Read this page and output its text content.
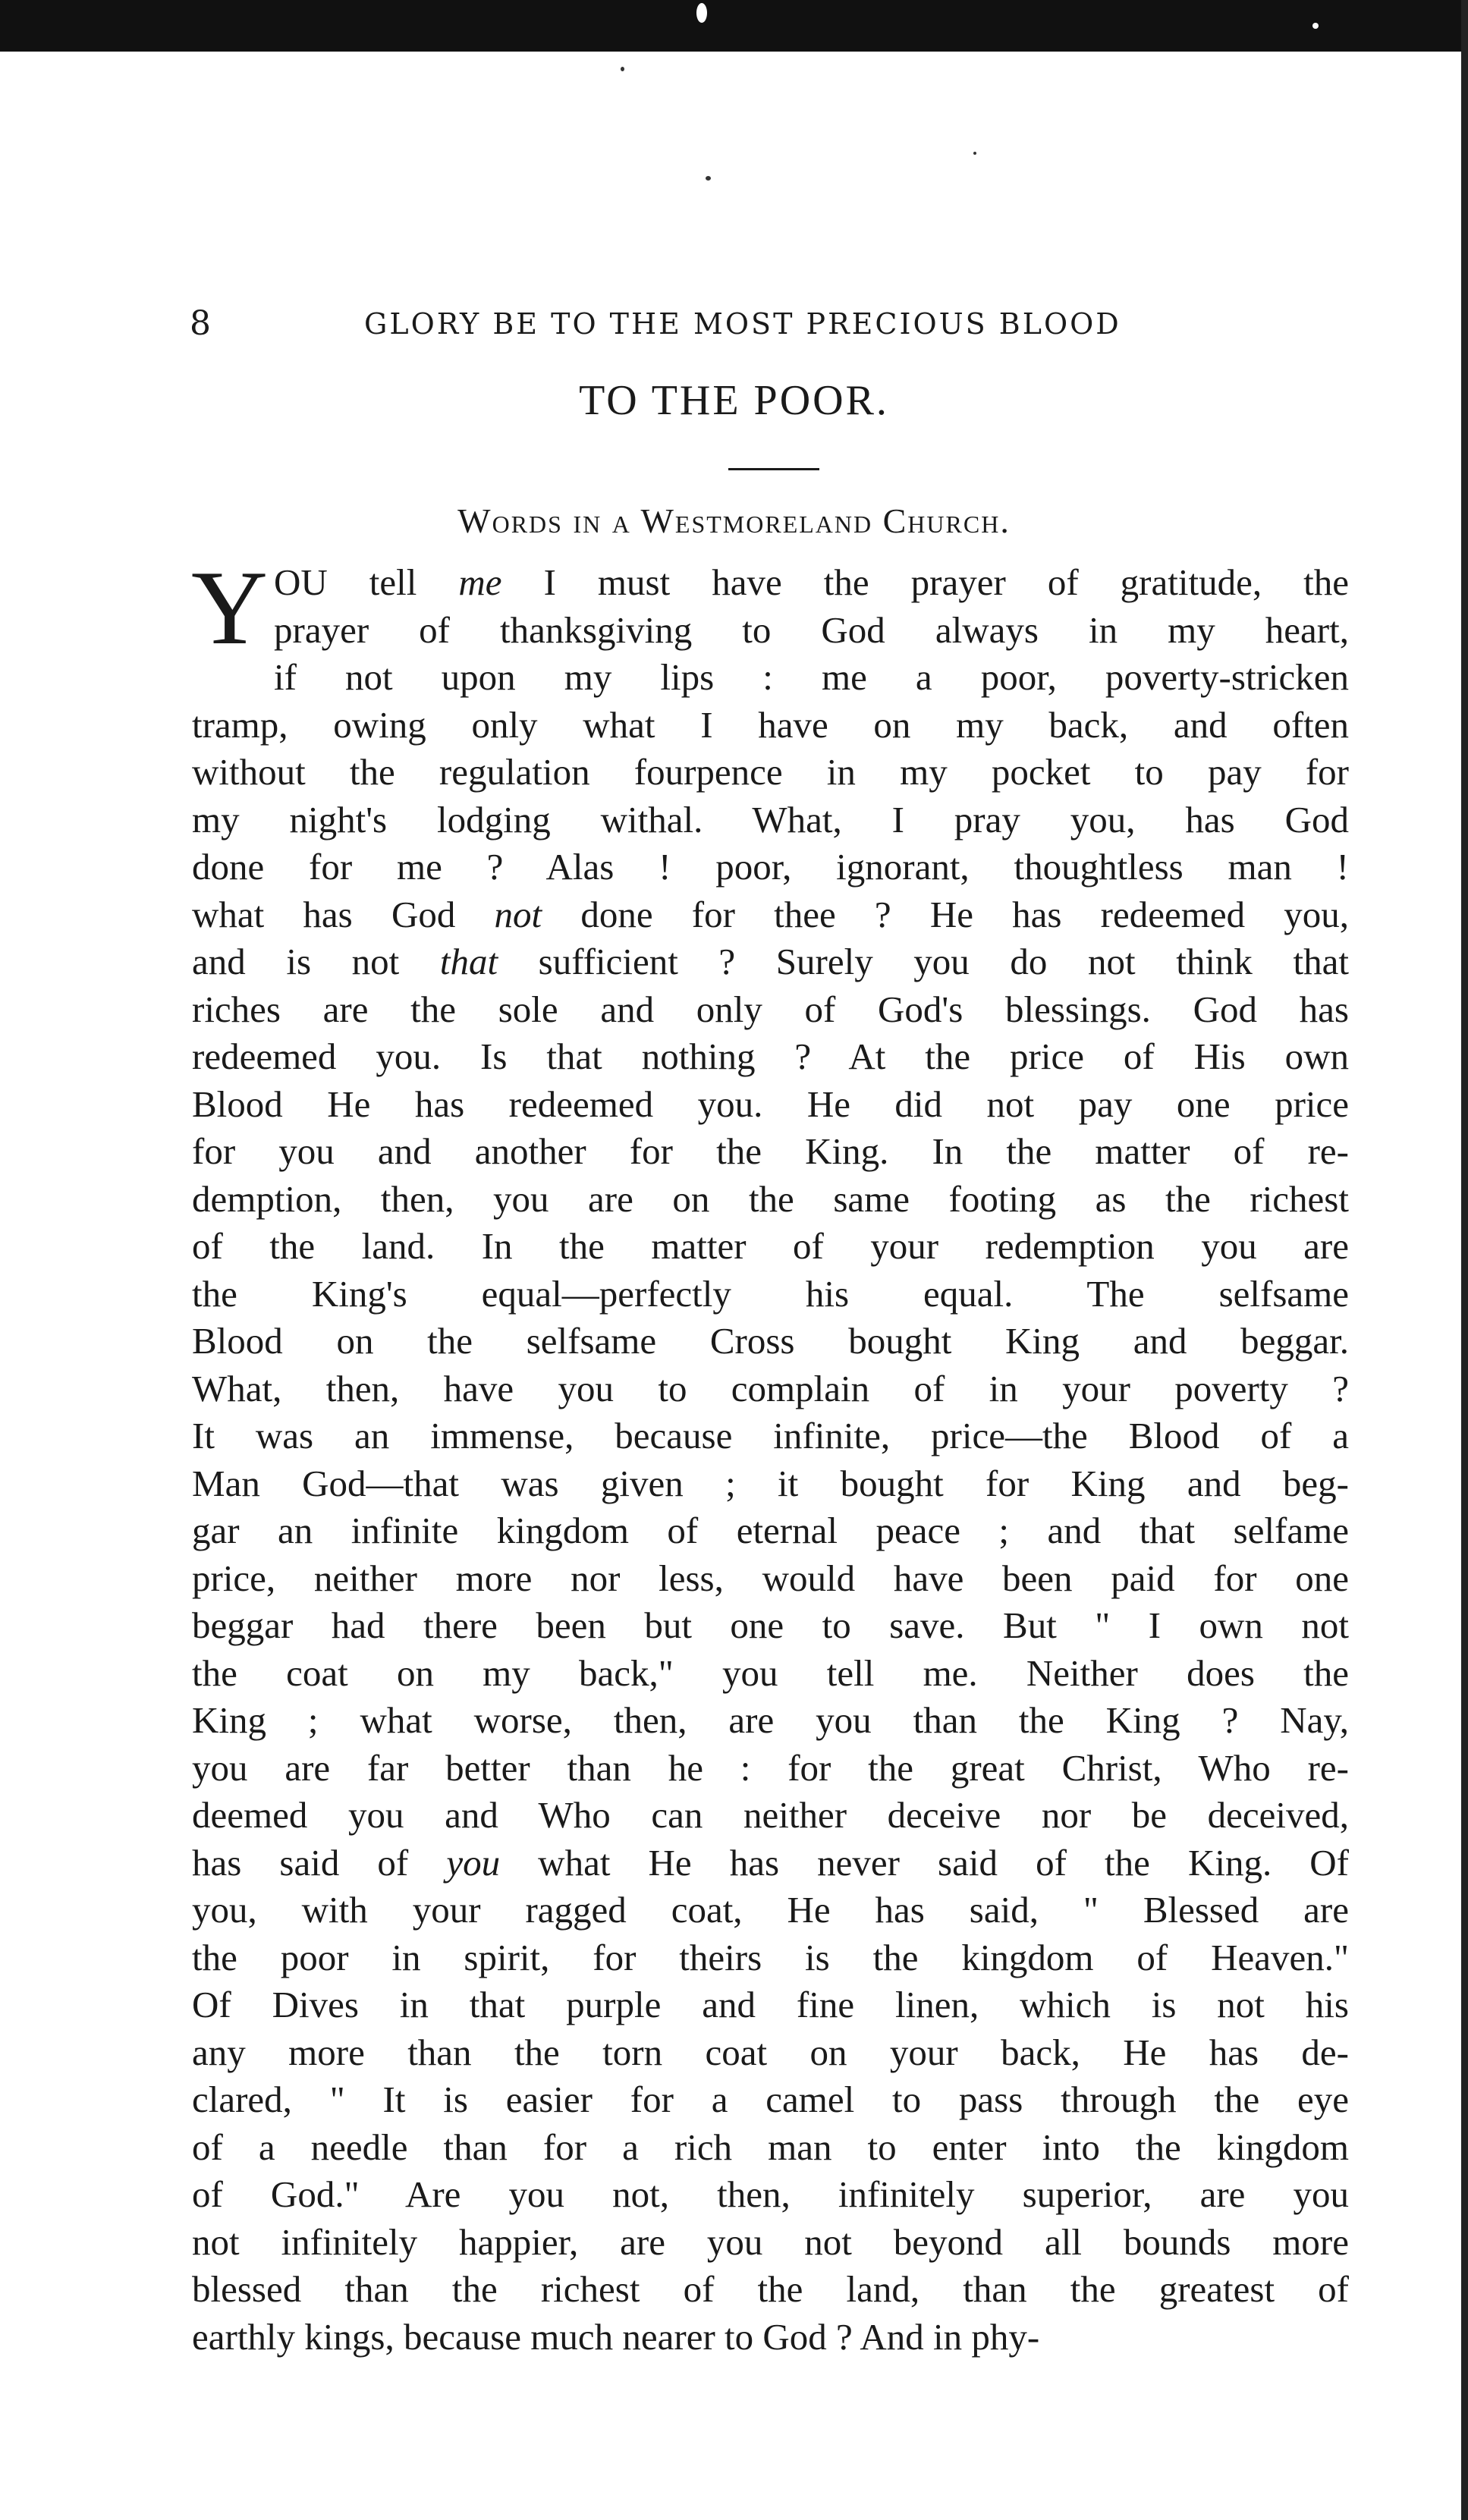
8	GLORY BE TO THE MOST PRECIOUS BLOOD
TO THE POOR.
Words in a Westmoreland Church.
Y OU tell me I must have the prayer of gratitude, the
prayer of thanksgiving to God always in my heart,
if not upon my lips : me a poor, poverty-stricken
tramp, owing only what I have on my back, and often
without the regulation fourpence in my pocket to pay for
my night's lodging withal. What, I pray you, has God
done for me ? Alas ! poor, ignorant, thoughtless man !
what has God not done for thee ? He has redeemed you,
and is not that sufficient ? Surely you do not think that
riches are the sole and only of God's blessings. God has
redeemed you. Is that nothing ? At the price of His own
Blood He has redeemed you. He did not pay one price
for you and another for the King. In the matter of re-
demption, then, you are on the same footing as the richest
of the land. In the matter of your redemption you are
the King's equal—perfectly his equal. The selfsame
Blood on the selfsame Cross bought King and beggar.
What, then, have you to complain of in your poverty ?
It was an immense, because infinite, price—the Blood of a
Man God—that was given ; it bought for King and beg-
gar an infinite kingdom of eternal peace ; and that selfame
price, neither more nor less, would have been paid for one
beggar had there been but one to save. But " I own not
the coat on my back," you tell me. Neither does the
King ; what worse, then, are you than the King ? Nay,
you are far better than he : for the great Christ, Who re-
deemed you and Who can neither deceive nor be deceived,
has said of you what He has never said of the King. Of
you, with your ragged coat, He has said, " Blessed are
the poor in spirit, for theirs is the kingdom of Heaven."
Of Dives in that purple and fine linen, which is not his
any more than the torn coat on your back, He has de-
clared, " It is easier for a camel to pass through the eye
of a needle than for a rich man to enter into the kingdom
of God." Are you not, then, infinitely superior, are you
not infinitely happier, are you not beyond all bounds more
blessed than the richest of the land, than the greatest of
earthly kings, because much nearer to God ? And in phy-
